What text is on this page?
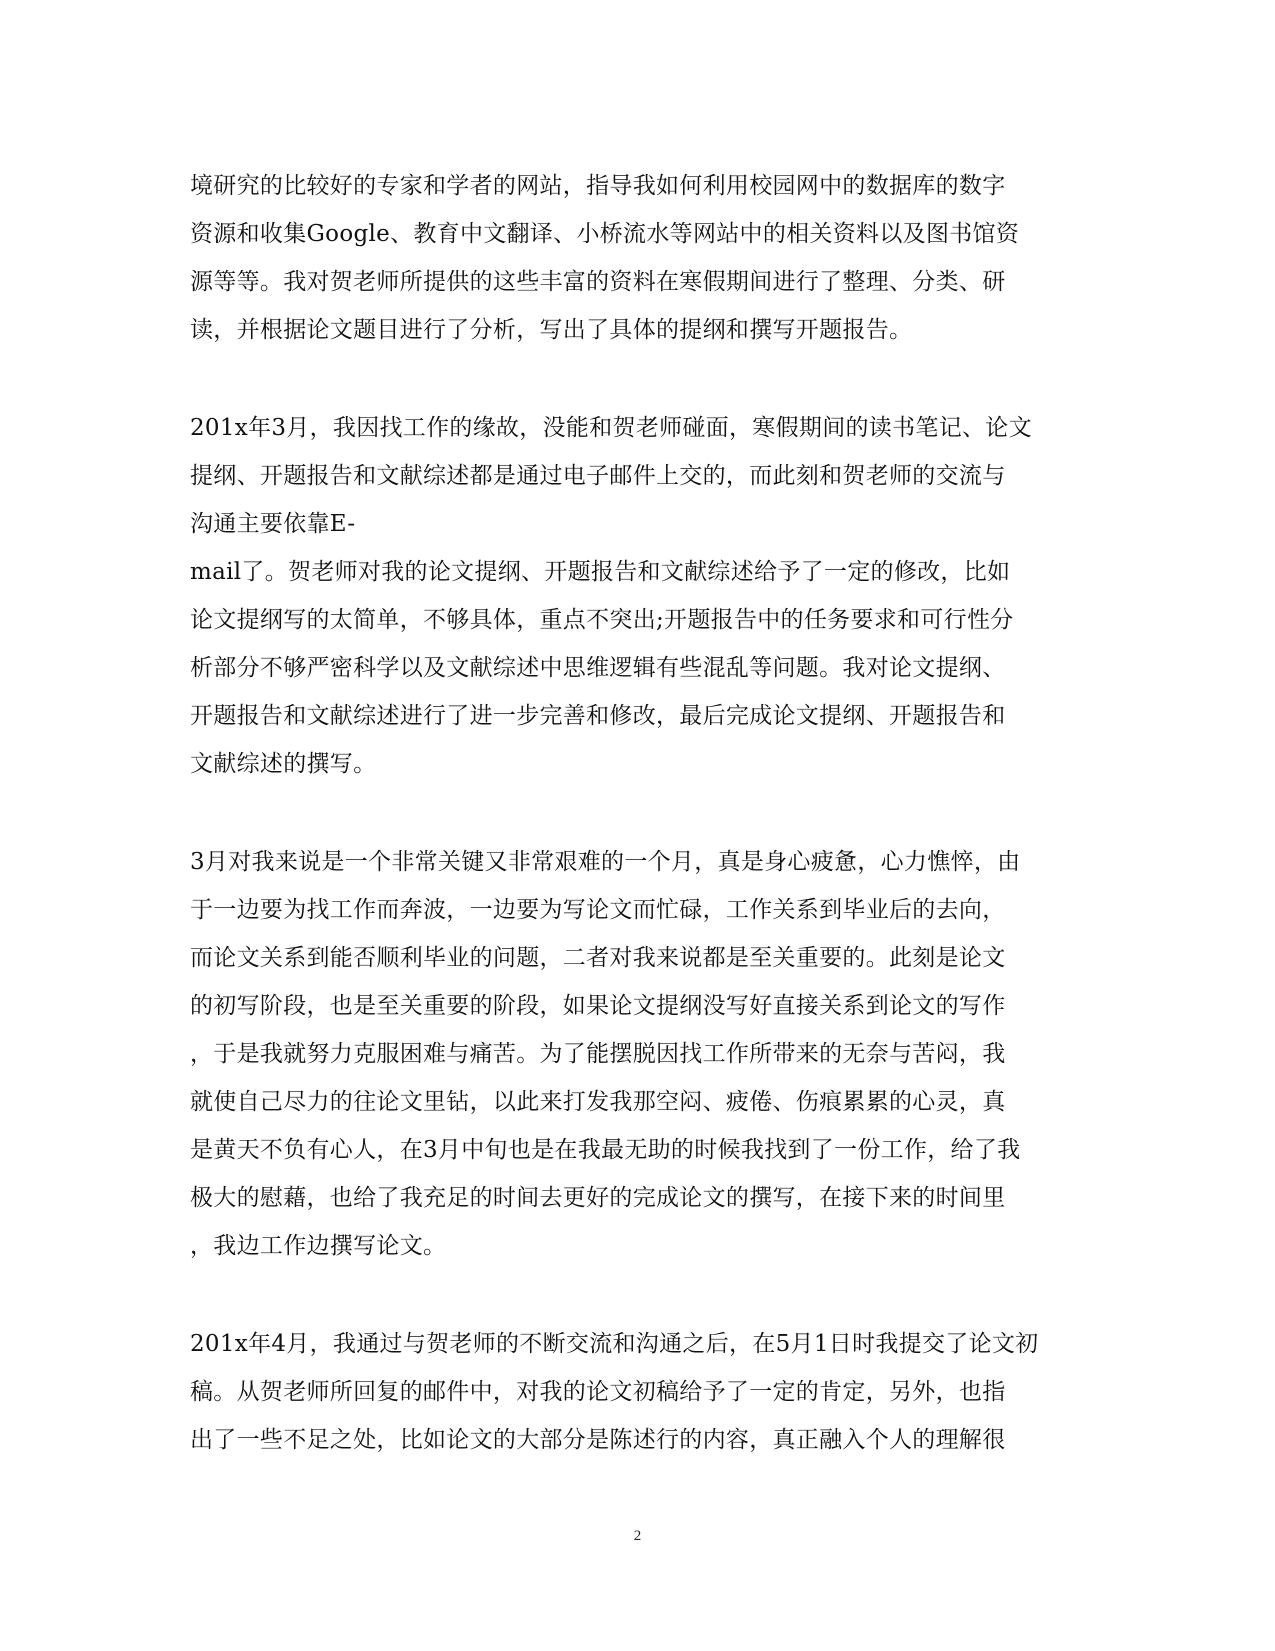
境研究的比较好的专家和学者的网站，指导我如何利用校园网中的数据库的数字
资源和收集Google、教育中文翻译、小桥流水等网站中的相关资料以及图书馆资
源等等。我对贺老师所提供的这些丰富的资料在寒假期间进行了整理、分类、研
读，并根据论文题目进行了分析，写出了具体的提纲和撰写开题报告。
201x年3月，我因找工作的缘故，没能和贺老师碰面，寒假期间的读书笔记、论文
提纲、开题报告和文献综述都是通过电子邮件上交的，而此刻和贺老师的交流与
沟通主要依靠E-
mail了。贺老师对我的论文提纲、开题报告和文献综述给予了一定的修改，比如
论文提纲写的太简单，不够具体，重点不突出;开题报告中的任务要求和可行性分
析部分不够严密科学以及文献综述中思维逻辑有些混乱等问题。我对论文提纲、
开题报告和文献综述进行了进一步完善和修改，最后完成论文提纲、开题报告和
文献综述的撰写。
3月对我来说是一个非常关键又非常艰难的一个月，真是身心疲惫，心力憔悴，由
于一边要为找工作而奔波，一边要为写论文而忙碌，工作关系到毕业后的去向，
而论文关系到能否顺利毕业的问题，二者对我来说都是至关重要的。此刻是论文
的初写阶段，也是至关重要的阶段，如果论文提纲没写好直接关系到论文的写作
，于是我就努力克服困难与痛苦。为了能摆脱因找工作所带来的无奈与苦闷，我
就使自己尽力的往论文里钻，以此来打发我那空闷、疲倦、伤痕累累的心灵，真
是黄天不负有心人，在3月中旬也是在我最无助的时候我找到了一份工作，给了我
极大的慰藉，也给了我充足的时间去更好的完成论文的撰写，在接下来的时间里
，我边工作边撰写论文。
201x年4月，我通过与贺老师的不断交流和沟通之后，在5月1日时我提交了论文初
稿。从贺老师所回复的邮件中，对我的论文初稿给予了一定的肯定，另外，也指
出了一些不足之处，比如论文的大部分是陈述行的内容，真正融入个人的理解很
2
